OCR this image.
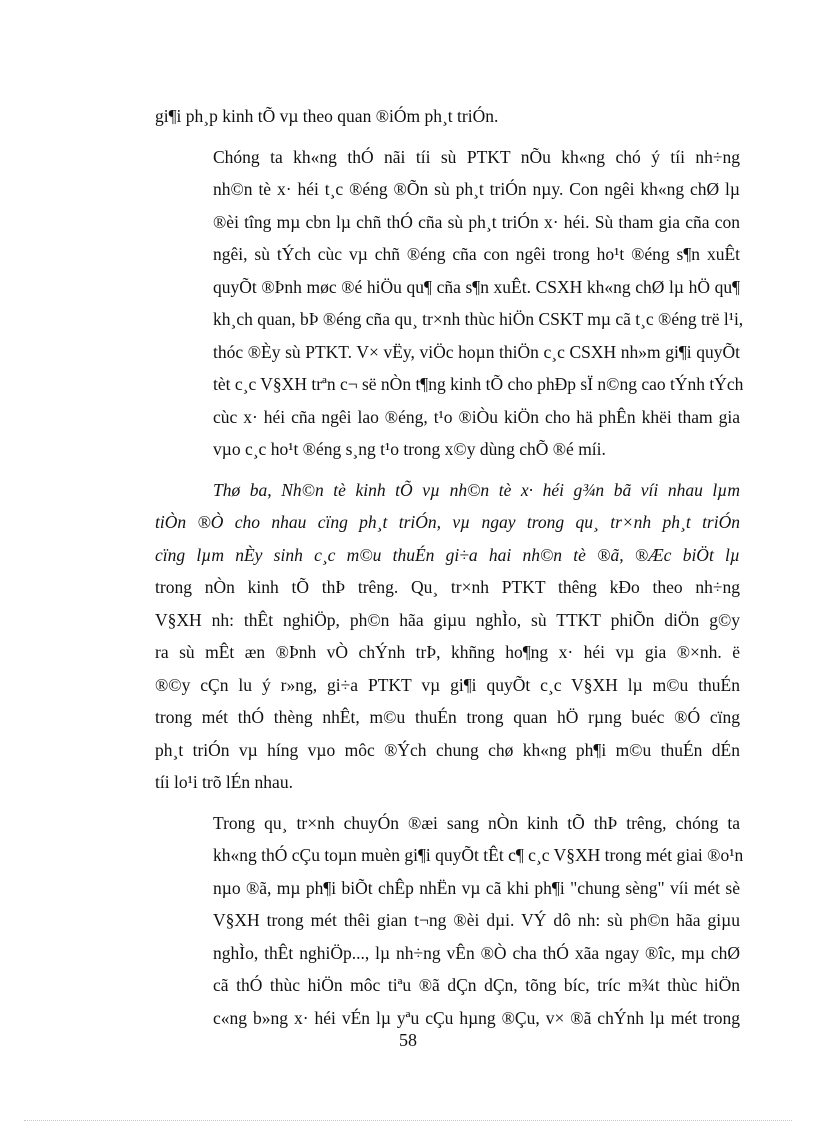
gi¶i ph¸p kinh tÕ vµ theo quan ®iÓm ph¸t triÓn.

Chóng ta kh«ng thÓ nãi tíi sù PTKT nÕu kh«ng chó ý tíi nh÷ng
nh©n tè x· héi t¸c ®éng ®Õn sù ph¸t triÓn nµy. Con ngêi kh«ng chØ lµ
®èi tîng mµ cbn lµ chñ thÓ cña sù ph¸t triÓn x· héi. Sù tham gia cña con
ngêi, sù tÝch cùc vµ chñ ®éng cña con ngêi trong ho¹t ®éng s¶n xuÊt
quyÕt ®Þnh møc ®é hiÖu qu¶ cña s¶n xuÊt. CSXH kh«ng chØ lµ hÖ qu¶
kh¸ch quan, bÞ ®éng cña qu¸ tr×nh thùc hiÖn CSKT mµ cã t¸c ®éng trë l¹i,
thóc ®Èy sù PTKT. V× vËy, viÖc hoµn thiÖn c¸c CSXH nh»m gi¶i quyÕt
tèt c¸c V§XH trªn c¬ së nÒn t¶ng kinh tÕ cho phÐp sÏ n©ng cao tÝnh tÝch
cùc x· héi cña ngêi lao ®éng, t¹o ®iÒu kiÖn cho hä phÊn khëi tham gia
vµo c¸c ho¹t ®éng s¸ng t¹o trong x©y dùng chÕ ®é míi.

Thø ba, Nh©n tè kinh tÕ vµ nh©n tè x· héi g¾n bã víi nhau lµm
tiÒn ®Ò cho nhau cïng ph¸t triÓn, vµ ngay trong qu¸ tr×nh ph¸t triÓn
cïng lµm nÈy sinh c¸c m©u thuÉn gi÷a hai nh©n tè ®ã, ®Æc biÖt lµ
trong nÒn kinh tÕ thÞ trêng. Qu¸ tr×nh PTKT thêng kÐo theo nh÷ng
V§XH nh: thÊt nghiÖp, ph©n hãa giµu nghÌo, sù TTKT phiÕn diÖn g©y
ra sù mÊt æn ®Þnh vÒ chÝnh trÞ, khñng ho¶ng x· héi vµ gia ®×nh. ë
®©y cÇn lu ý r»ng, gi÷a PTKT vµ gi¶i quyÕt c¸c V§XH lµ m©u thuÉn
trong mét thÓ thèng nhÊt, m©u thuÉn trong quan hÖ rµng buéc ®Ó cïng
ph¸t triÓn vµ híng vµo môc ®Ých chung chø kh«ng ph¶i m©u thuÉn dÉn
tíi lo¹i trõ lÉn nhau.

Trong qu¸ tr×nh chuyÓn ®æi sang nÒn kinh tÕ thÞ trêng, chóng ta
kh«ng thÓ cÇu toµn muèn gi¶i quyÕt tÊt c¶ c¸c V§XH trong mét giai ®o¹n
nµo ®ã, mµ ph¶i biÕt chÊp nhËn vµ cã khi ph¶i "chung sèng" víi mét sè
V§XH trong mét thêi gian t¬ng ®èi dµi. VÝ dô nh: sù ph©n hãa giµu
nghÌo, thÊt nghiÖp..., lµ nh÷ng vÊn ®Ò cha thÓ xãa ngay ®îc, mµ chØ
cã thÓ thùc hiÖn môc tiªu ®ã dÇn dÇn, tõng bíc, tríc m¾t thùc hiÖn
c«ng b»ng x· héi vÉn lµ yªu cÇu hµng ®Çu, v× ®ã chÝnh lµ mét trong

58
